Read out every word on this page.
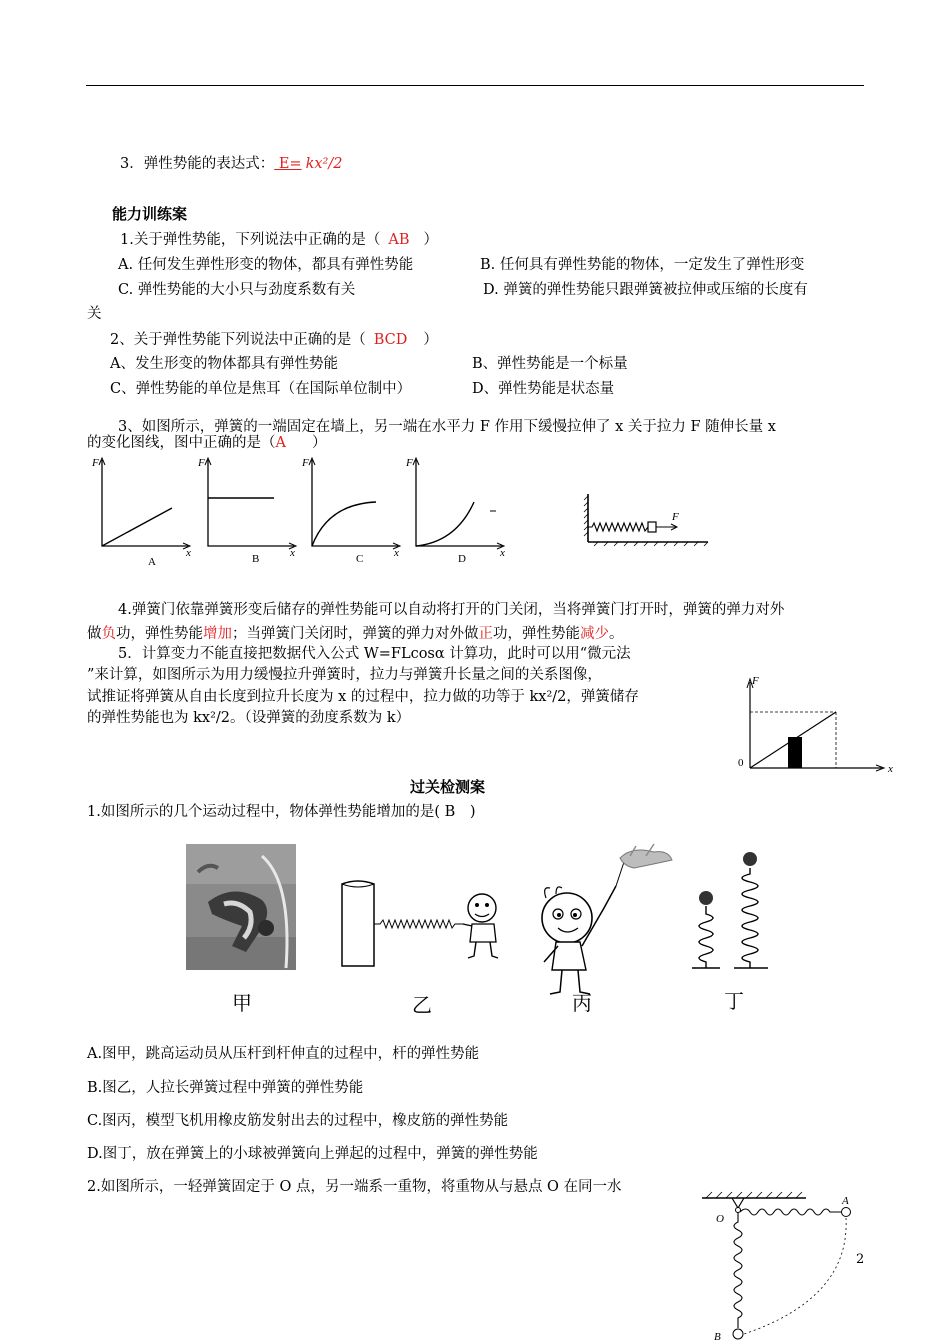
3．弹性势能的表达式： E= kx²/2
能力训练案
1.关于弹性势能，下列说法中正确的是（ AB ）
A. 任何发生弹性形变的物体，都具有弹性势能	B. 任何具有弹性势能的物体，一定发生了弹性形变
C. 弹性势能的大小只与劲度系数有关	D. 弹簧的弹性势能只跟弹簧被拉伸或压缩的长度有
关
2、关于弹性势能下列说法中正确的是（ BCD ）
A、发生形变的物体都具有弹性势能	B、弹性势能是一个标量
C、弹性势能的单位是焦耳（在国际单位制中）	D、弹性势能是状态量
3、如图所示，弹簧的一端固定在墙上，另一端在水平力 F 作用下缓慢拉伸了 x 关于拉力 F 随伸长量 x
的变化图线，图中正确的是（A ）
F
x
A
F
x
B
F
x
C
F
x
D
F
4.弹簧门依靠弹簧形变后储存的弹性势能可以自动将打开的门关闭，当将弹簧门打开时，弹簧的弹力对外
做负功，弹性势能增加；当弹簧门关闭时，弹簧的弹力对外做正功，弹性势能减少。
5．计算变力不能直接把数据代入公式 W=FLcosα 计算功，此时可以用“微元法
”来计算，如图所示为用力缓慢拉升弹簧时，拉力与弹簧升长量之间的关系图像，
试推证将弹簧从自由长度到拉升长度为 x 的过程中，拉力做的功等于 kx²/2，弹簧储存
的弹性势能也为 kx²/2。（设弹簧的劲度系数为 k）
F
x
0
过关检测案
1.如图所示的几个运动过程中，物体弹性势能增加的是( B )
甲	乙	丙	丁
A.图甲，跳高运动员从压杆到杆伸直的过程中，杆的弹性势能
B.图乙，人拉长弹簧过程中弹簧的弹性势能
C.图丙，模型飞机用橡皮筋发射出去的过程中，橡皮筋的弹性势能
D.图丁，放在弹簧上的小球被弹簧向上弹起的过程中，弹簧的弹性势能
2.如图所示，一轻弹簧固定于 O 点，另一端系一重物，将重物从与悬点 O 在同一水
O
A
B
2
